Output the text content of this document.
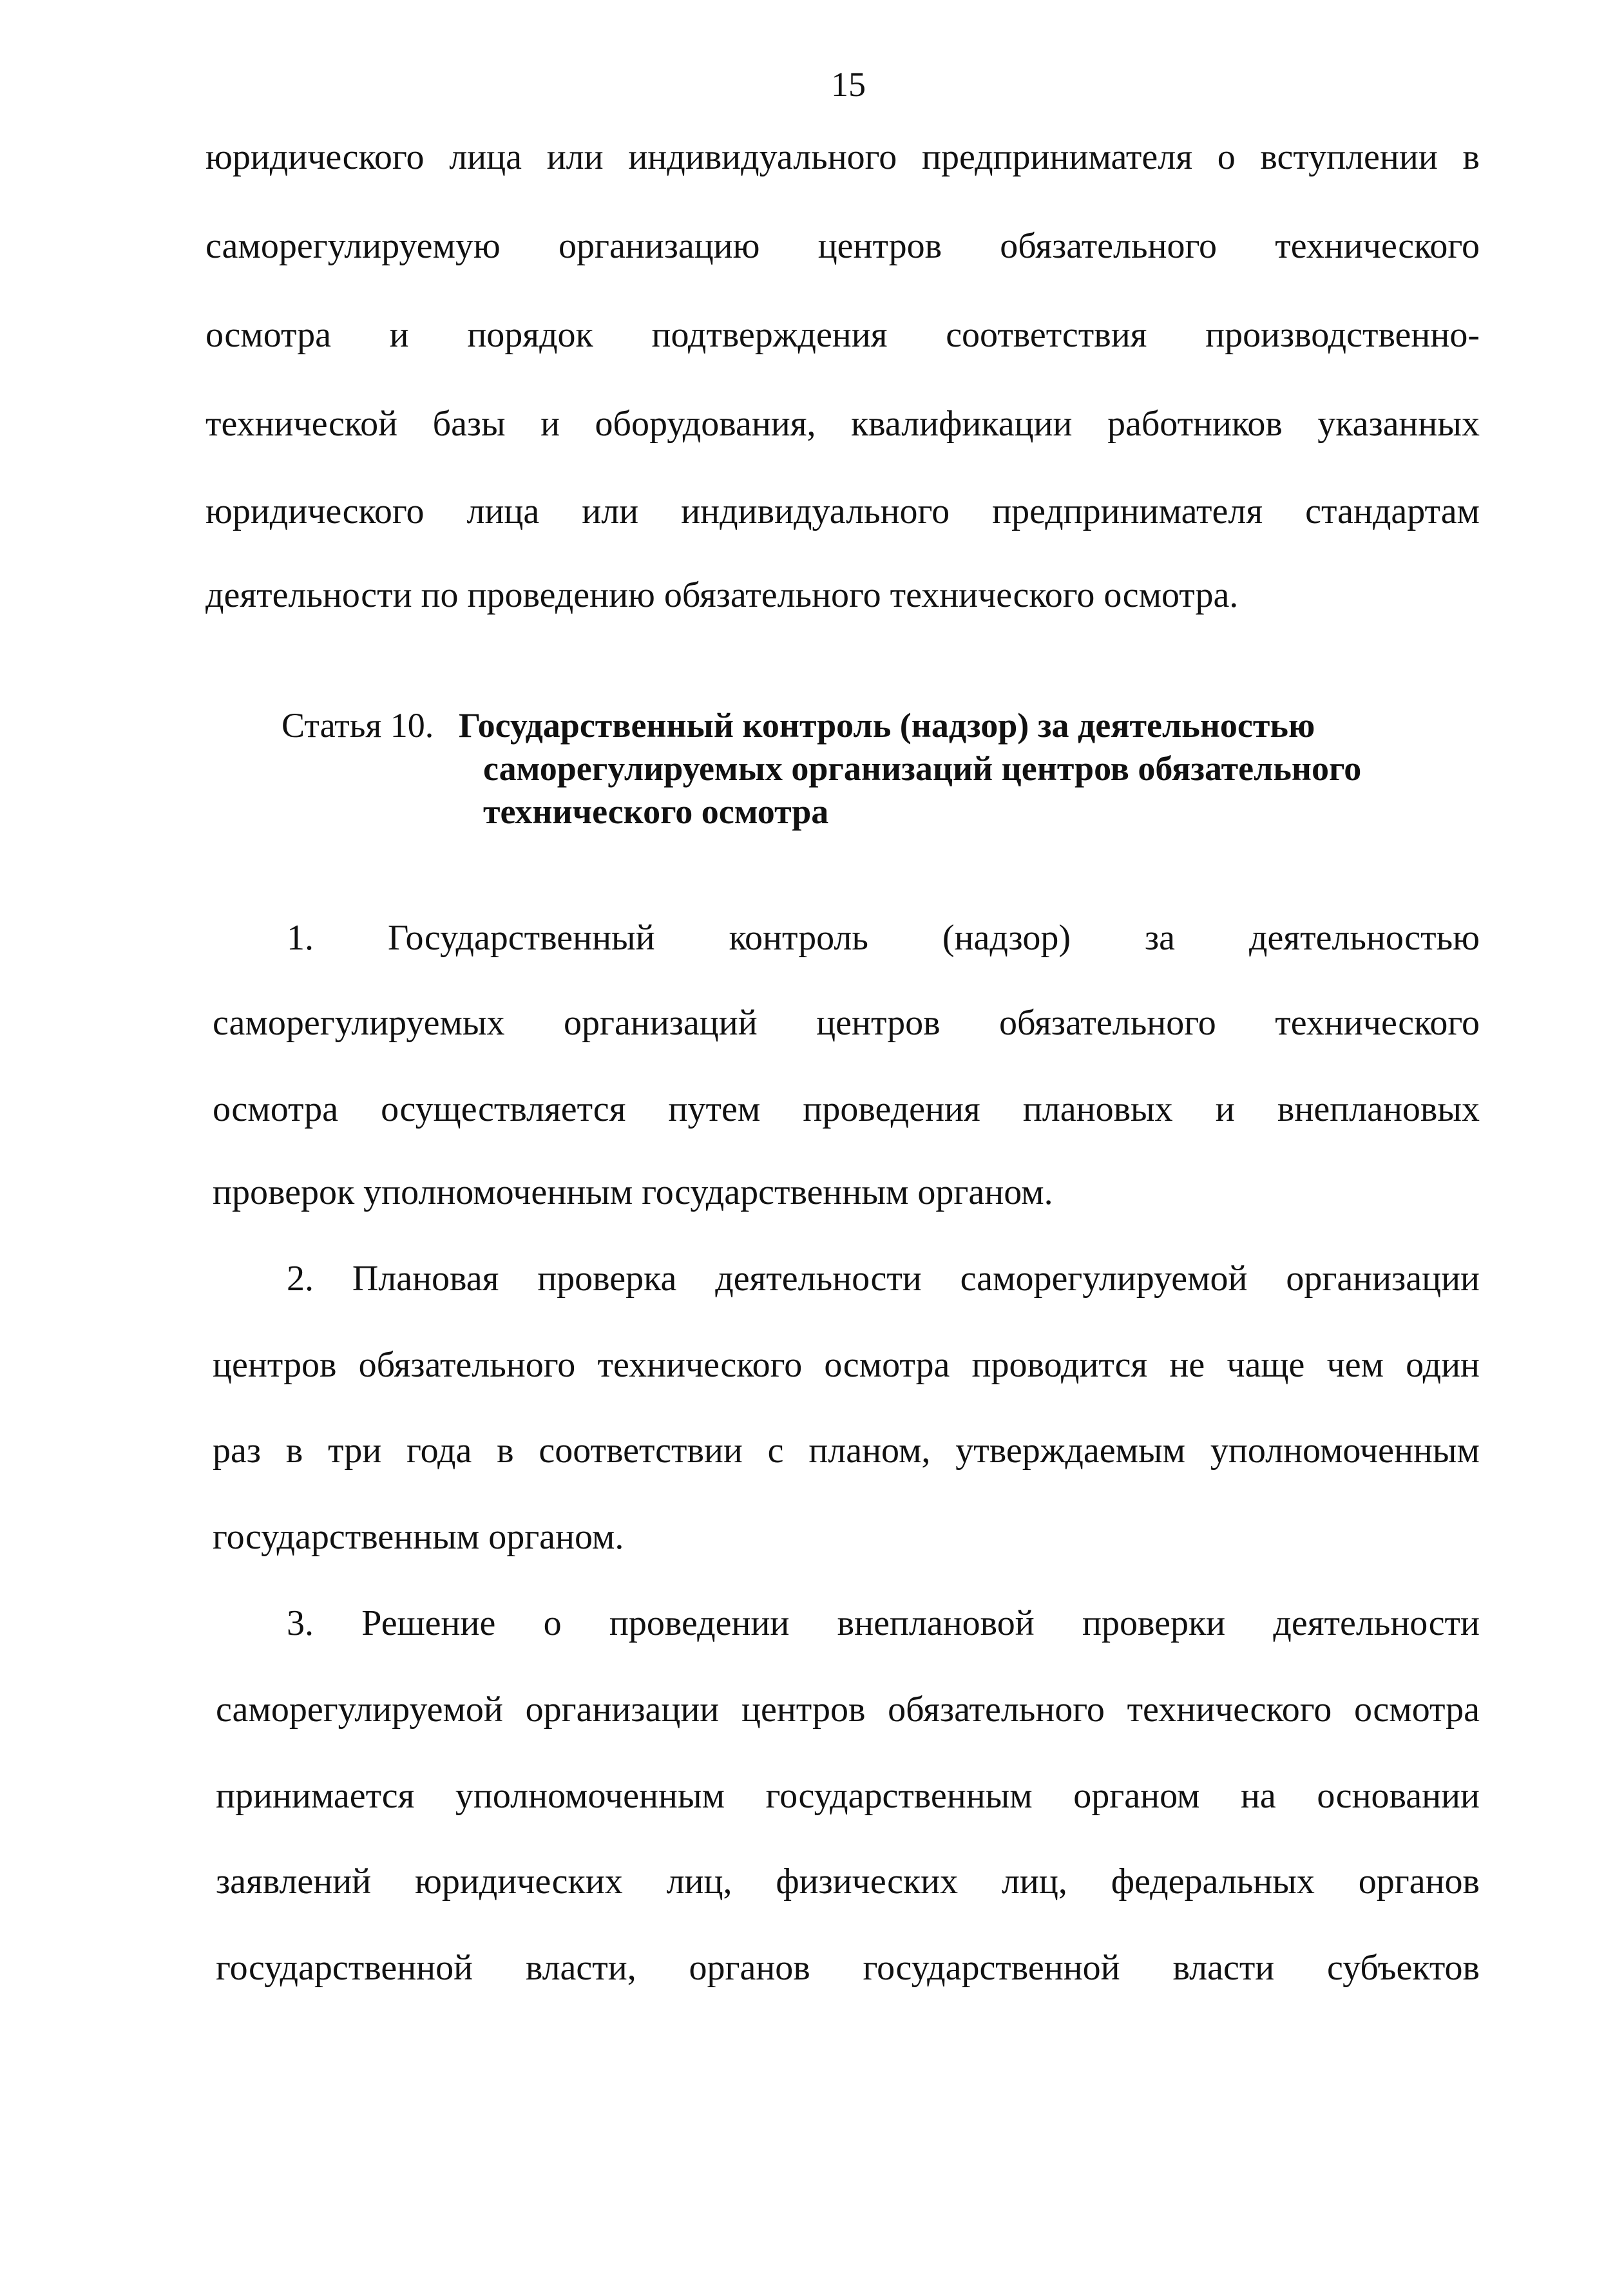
15
юридического лица или индивидуального предпринимателя о вступлении в
саморегулируемую организацию центров обязательного технического
осмотра и порядок подтверждения соответствия производственно-
технической базы и оборудования, квалификации работников указанных
юридического лица или индивидуального предпринимателя стандартам
деятельности по проведению обязательного технического осмотра.
Статья 10. Государственный контроль (надзор) за деятельностью
саморегулируемых организаций центров обязательного
технического осмотра
1. Государственный контроль (надзор) за деятельностью
саморегулируемых организаций центров обязательного технического
осмотра осуществляется путем проведения плановых и внеплановых
проверок уполномоченным государственным органом.
2. Плановая проверка деятельности саморегулируемой организации
центров обязательного технического осмотра проводится не чаще чем один
раз в три года в соответствии с планом, утверждаемым уполномоченным
государственным органом.
3. Решение о проведении внеплановой проверки деятельности
саморегулируемой организации центров обязательного технического осмотра
принимается уполномоченным государственным органом на основании
заявлений юридических лиц, физических лиц, федеральных органов
государственной власти, органов государственной власти субъектов
